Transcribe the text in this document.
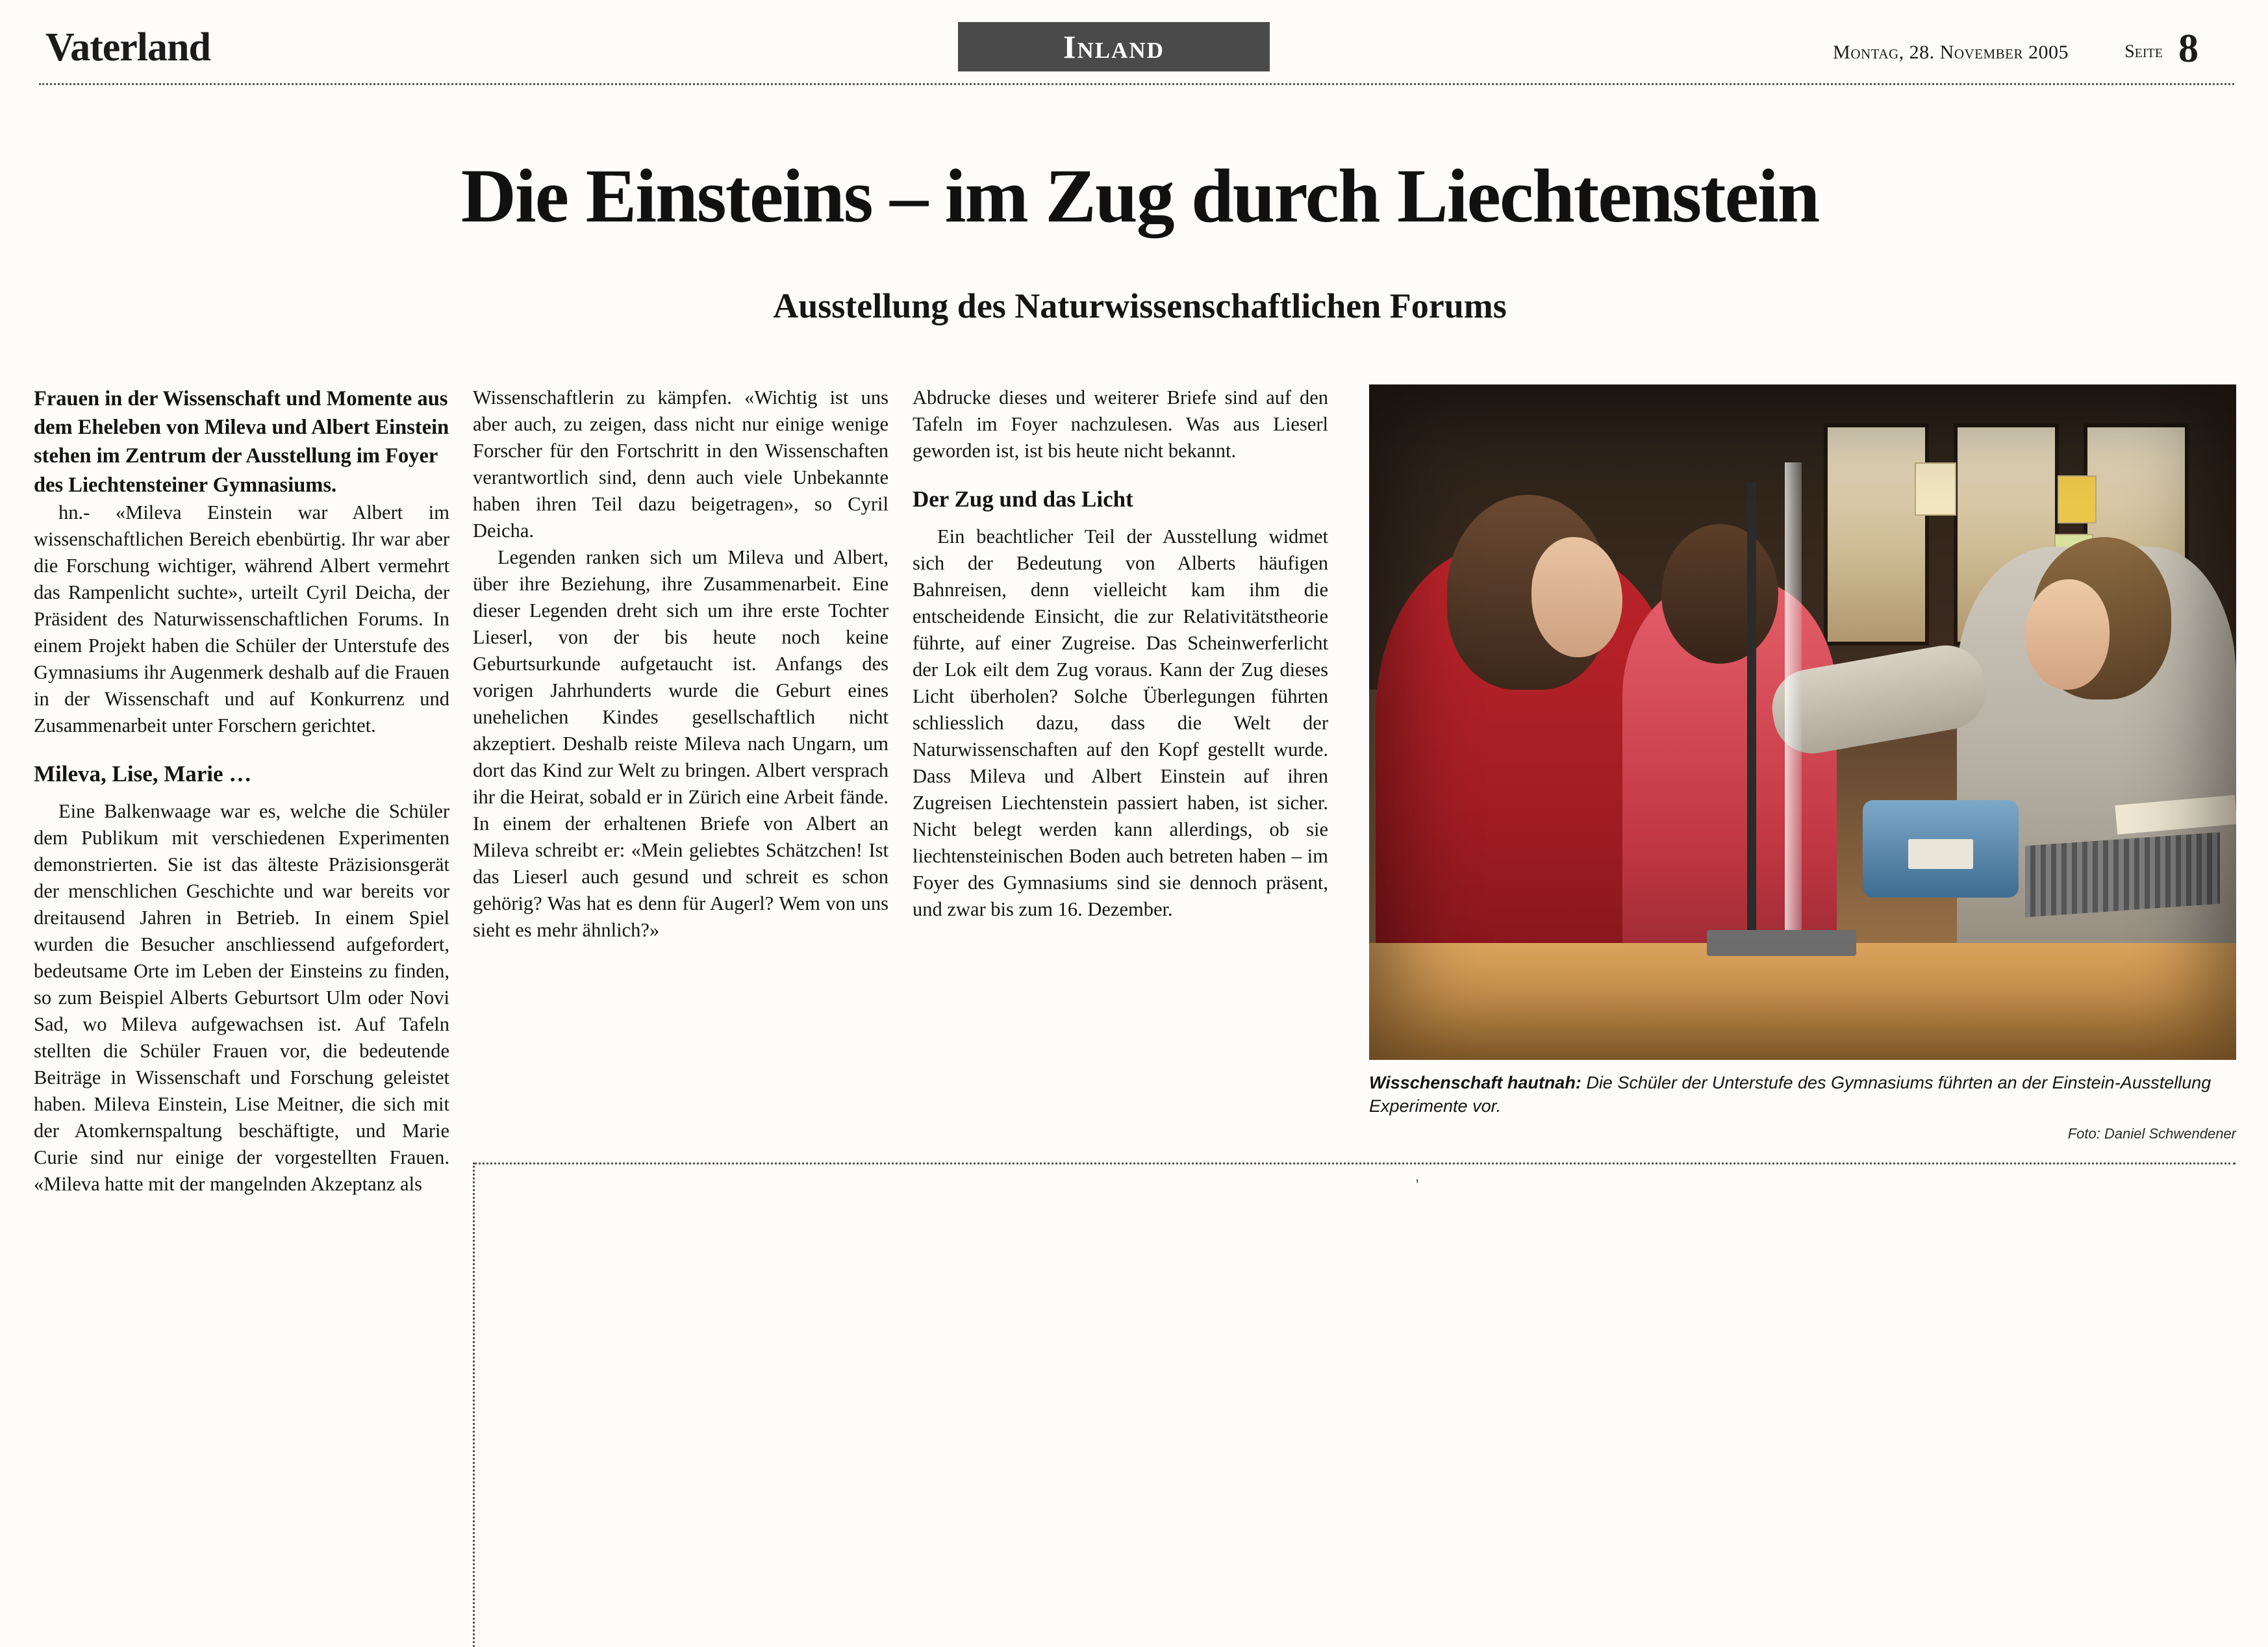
Vaterland	Inland	Montag, 28. November 2005	Seite 8
Die Einsteins – im Zug durch Liechtenstein
Ausstellung des Naturwissenschaftlichen Forums

Frauen in der Wissenschaft und Momente aus dem Eheleben von Mileva und Albert Einstein stehen im Zentrum der Ausstellung im Foyer des Liechtensteiner Gymnasiums.

hn.- «Mileva Einstein war Albert im wissenschaftlichen Bereich ebenbürtig. Ihr war aber die Forschung wichtiger, während Albert vermehrt das Rampenlicht suchte», urteilt Cyril Deicha, der Präsident des Naturwissenschaftlichen Forums. In einem Projekt haben die Schüler der Unterstufe des Gymnasiums ihr Augenmerk deshalb auf die Frauen in der Wissenschaft und auf Konkurrenz und Zusammenarbeit unter Forschern gerichtet.

Mileva, Lise, Marie …

Eine Balkenwaage war es, welche die Schüler dem Publikum mit verschiedenen Experimenten demonstrierten. Sie ist das älteste Präzisionsgerät der menschlichen Geschichte und war bereits vor dreitausend Jahren in Betrieb. In einem Spiel wurden die Besucher anschliessend aufgefordert, bedeutsame Orte im Leben der Einsteins zu finden, so zum Beispiel Alberts Geburtsort Ulm oder Novi Sad, wo Mileva aufgewachsen ist. Auf Tafeln stellten die Schüler Frauen vor, die bedeutende Beiträge in Wissenschaft und Forschung geleistet haben. Mileva Einstein, Lise Meitner, die sich mit der Atomkernspaltung beschäftigte, und Marie Curie sind nur einige der vorgestellten Frauen. «Mileva hatte mit der mangelnden Akzeptanz als

Wissenschaftlerin zu kämpfen. «Wichtig ist uns aber auch, zu zeigen, dass nicht nur einige wenige Forscher für den Fortschritt in den Wissenschaften verantwortlich sind, denn auch viele Unbekannte haben ihren Teil dazu beigetragen», so Cyril Deicha.

Legenden ranken sich um Mileva und Albert, über ihre Beziehung, ihre Zusammenarbeit. Eine dieser Legenden dreht sich um ihre erste Tochter Lieserl, von der bis heute noch keine Geburtsurkunde aufgetaucht ist. Anfangs des vorigen Jahrhunderts wurde die Geburt eines unehelichen Kindes gesellschaftlich nicht akzeptiert. Deshalb reiste Mileva nach Ungarn, um dort das Kind zur Welt zu bringen. Albert versprach ihr die Heirat, sobald er in Zürich eine Arbeit fände. In einem der erhaltenen Briefe von Albert an Mileva schreibt er: «Mein geliebtes Schätzchen! Ist das Lieserl auch gesund und schreit es schon gehörig? Was hat es denn für Augerl? Wem von uns sieht es mehr ähnlich?»

Abdrucke dieses und weiterer Briefe sind auf den Tafeln im Foyer nachzulesen. Was aus Lieserl geworden ist, ist bis heute nicht bekannt.

Der Zug und das Licht

Ein beachtlicher Teil der Ausstellung widmet sich der Bedeutung von Alberts häufigen Bahnreisen, denn vielleicht kam ihm die entscheidende Einsicht, die zur Relativitätstheorie führte, auf einer Zugreise. Das Scheinwerferlicht der Lok eilt dem Zug voraus. Kann der Zug dieses Licht überholen? Solche Überlegungen führten schliesslich dazu, dass die Welt der Naturwissenschaften auf den Kopf gestellt wurde. Dass Mileva und Albert Einstein auf ihren Zugreisen Liechtenstein passiert haben, ist sicher. Nicht belegt werden kann allerdings, ob sie liechtensteinischen Boden auch betreten haben – im Foyer des Gymnasiums sind sie dennoch präsent, und zwar bis zum 16. Dezember.

Wisschenschaft hautnah: Die Schüler der Unterstufe des Gymnasiums führten an der Einstein-Ausstellung Experimente vor.
Foto: Daniel Schwendener
'
